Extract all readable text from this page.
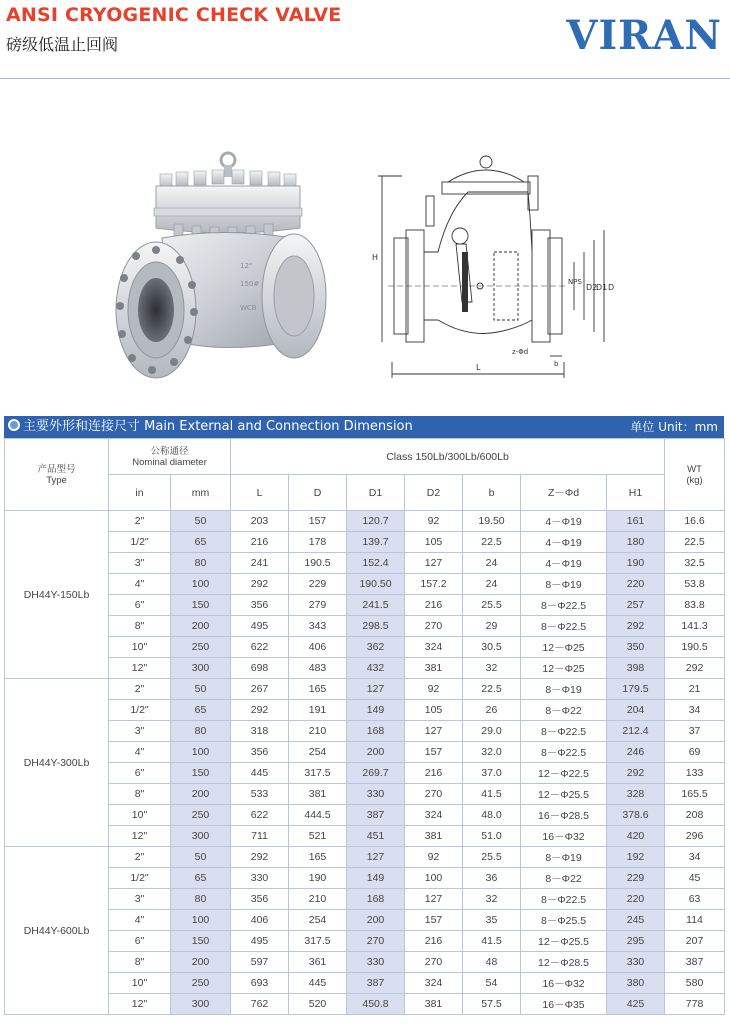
ANSI CRYOGENIC CHECK VALVE
磅级低温止回阀	VIRAN
12"
150#
WCB
H
L
D
D1
D2
NPS
z-Φd
b
主要外形和连接尺寸 Main External and Connection Dimension	单位 Unit：mm
产品型号
Type	公称通径
Nominal diameter		Class 150Lb/300Lb/600Lb							WT
(kg)
	in	mm	L	D	D1	D2	b	Z－Φd	H1	
DH44Y-150Lb	2"	50	203	157	120.7	92	19.50	4－Φ19	161	16.6
	1/2"	65	216	178	139.7	105	22.5	4－Φ19	180	22.5
	3"	80	241	190.5	152.4	127	24	4－Φ19	190	32.5
	4"	100	292	229	190.50	157.2	24	8－Φ19	220	53.8
	6"	150	356	279	241.5	216	25.5	8－Φ22.5	257	83.8
	8"	200	495	343	298.5	270	29	8－Φ22.5	292	141.3
	10"	250	622	406	362	324	30.5	12－Φ25	350	190.5
	12"	300	698	483	432	381	32	12－Φ25	398	292
DH44Y-300Lb	2"	50	267	165	127	92	22.5	8－Φ19	179.5	21
	1/2"	65	292	191	149	105	26	8－Φ22	204	34
	3"	80	318	210	168	127	29.0	8－Φ22.5	212.4	37
	4"	100	356	254	200	157	32.0	8－Φ22.5	246	69
	6"	150	445	317.5	269.7	216	37.0	12－Φ22.5	292	133
	8"	200	533	381	330	270	41.5	12－Φ25.5	328	165.5
	10"	250	622	444.5	387	324	48.0	16－Φ28.5	378.6	208
	12"	300	711	521	451	381	51.0	16－Φ32	420	296
DH44Y-600Lb	2"	50	292	165	127	92	25.5	8－Φ19	192	34
	1/2"	65	330	190	149	100	36	8－Φ22	229	45
	3"	80	356	210	168	127	32	8－Φ22.5	220	63
	4"	100	406	254	200	157	35	8－Φ25.5	245	114
	6"	150	495	317.5	270	216	41.5	12－Φ25.5	295	207
	8"	200	597	361	330	270	48	12－Φ28.5	330	387
	10"	250	693	445	387	324	54	16－Φ32	380	580
	12"	300	762	520	450.8	381	57.5	16－Φ35	425	778
